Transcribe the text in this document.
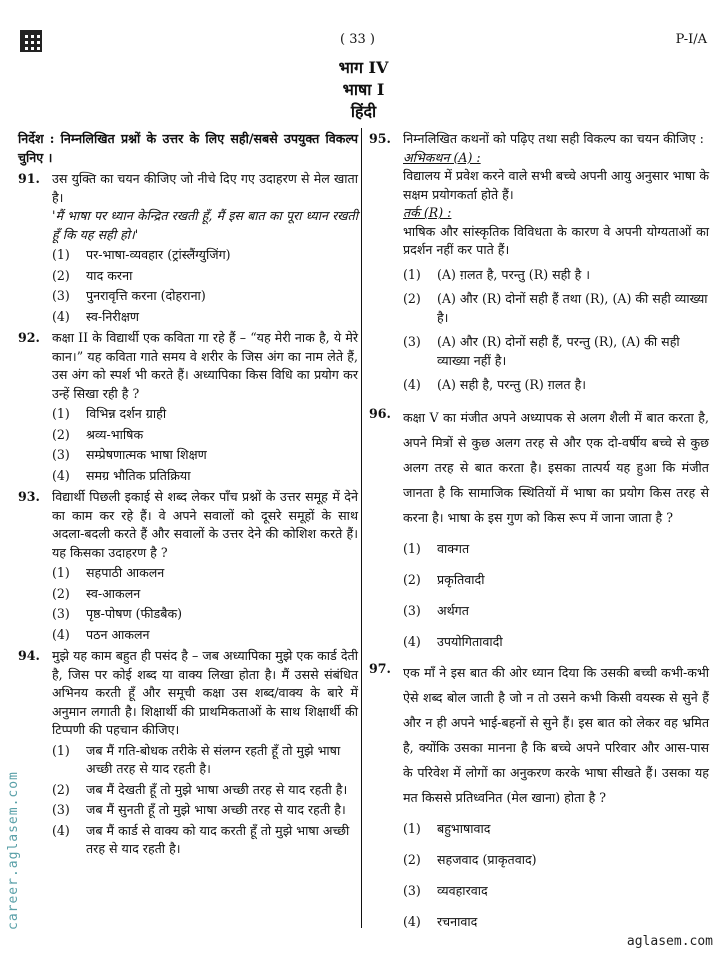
( 33 )	P-I/A
भाग IV
भाषा I
हिंदी
निर्देश : निम्नलिखित प्रश्नों के उत्तर के लिए सही/सबसे उपयुक्त विकल्प चुनिए ।
91. उस युक्ति का चयन कीजिए जो नीचे दिए गए उदाहरण से मेल खाता है।
'मैं भाषा पर ध्यान केन्द्रित रखती हूँ, मैं इस बात का पूरा ध्यान रखती हूँ कि यह सही हो।'
(1)	पर-भाषा-व्यवहार (ट्रांस्लैंग्युजिंग)
(2)	याद करना
(3)	पुनरावृत्ति करना (दोहराना)
(4)	स्व-निरीक्षण
92. कक्षा II के विद्यार्थी एक कविता गा रहे हैं – “यह मेरी नाक है, ये मेरे कान।” यह कविता गाते समय वे शरीर के जिस अंग का नाम लेते हैं, उस अंग को स्पर्श भी करते हैं। अध्यापिका किस विधि का प्रयोग कर उन्हें सिखा रही है ?
(1)	विभिन्न दर्शन ग्राही
(2)	श्रव्य-भाषिक
(3)	सम्प्रेषणात्मक भाषा शिक्षण
(4)	समग्र भौतिक प्रतिक्रिया
93. विद्यार्थी पिछली इकाई से शब्द लेकर पाँच प्रश्नों के उत्तर समूह में देने का काम कर रहे हैं। वे अपने सवालों को दूसरे समूहों के साथ अदला-बदली करते हैं और सवालों के उत्तर देने की कोशिश करते हैं। यह किसका उदाहरण है ?
(1)	सहपाठी आकलन
(2)	स्व-आकलन
(3)	पृष्ठ-पोषण (फीडबैक)
(4)	पठन आकलन
94. मुझे यह काम बहुत ही पसंद है – जब अध्यापिका मुझे एक कार्ड देती है, जिस पर कोई शब्द या वाक्य लिखा होता है। मैं उससे संबंधित अभिनय करती हूँ और समूची कक्षा उस शब्द/वाक्य के बारे में अनुमान लगाती है। शिक्षार्थी की प्राथमिकताओं के साथ शिक्षार्थी की टिप्पणी की पहचान कीजिए।
(1)	जब मैं गति-बोधक तरीके से संलग्न रहती हूँ तो मुझे भाषा अच्छी तरह से याद रहती है।
(2)	जब मैं देखती हूँ तो मुझे भाषा अच्छी तरह से याद रहती है।
(3)	जब मैं सुनती हूँ तो मुझे भाषा अच्छी तरह से याद रहती है।
(4)	जब मैं कार्ड से वाक्य को याद करती हूँ तो मुझे भाषा अच्छी तरह से याद रहती है।
95. निम्नलिखित कथनों को पढ़िए तथा सही विकल्प का चयन कीजिए :
अभिकथन (A) :
विद्यालय में प्रवेश करने वाले सभी बच्चे अपनी आयु अनुसार भाषा के सक्षम प्रयोगकर्ता होते हैं।
तर्क (R) :
भाषिक और सांस्कृतिक विविधता के कारण वे अपनी योग्यताओं का प्रदर्शन नहीं कर पाते हैं।
(1)	(A) ग़लत है, परन्तु (R) सही है ।
(2)	(A) और (R) दोनों सही हैं तथा (R), (A) की सही व्याख्या है।
(3)	(A) और (R) दोनों सही हैं, परन्तु (R), (A) की सही व्याख्या नहीं है।
(4)	(A) सही है, परन्तु (R) ग़लत है।
96. कक्षा V का मंजीत अपने अध्यापक से अलग शैली में बात करता है, अपने मित्रों से कुछ अलग तरह से और एक दो-वर्षीय बच्चे से कुछ अलग तरह से बात करता है। इसका तात्पर्य यह हुआ कि मंजीत जानता है कि सामाजिक स्थितियों में भाषा का प्रयोग किस तरह से करना है। भाषा के इस गुण को किस रूप में जाना जाता है ?
(1)	वाक्गत
(2)	प्रकृतिवादी
(3)	अर्थगत
(4)	उपयोगितावादी
97. एक माँ ने इस बात की ओर ध्यान दिया कि उसकी बच्ची कभी-कभी ऐसे शब्द बोल जाती है जो न तो उसने कभी किसी वयस्क से सुने हैं और न ही अपने भाई-बहनों से सुने हैं। इस बात को लेकर वह भ्रमित है, क्योंकि उसका मानना है कि बच्चे अपने परिवार और आस-पास के परिवेश में लोगों का अनुकरण करके भाषा सीखते हैं। उसका यह मत किससे प्रतिध्वनित (मेल खाना) होता है ?
(1)	बहुभाषावाद
(2)	सहजवाद (प्राकृतवाद)
(3)	व्यवहारवाद
(4)	रचनावाद
career.aglasem.com
aglasem.com
